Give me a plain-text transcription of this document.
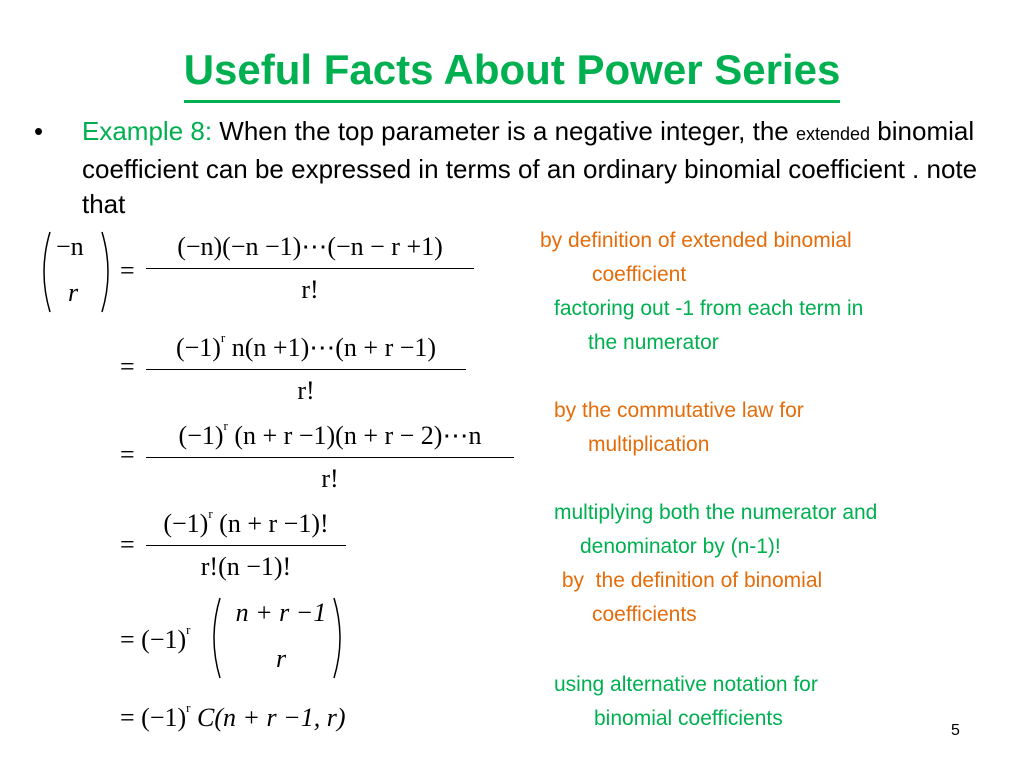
Useful Facts About Power Series
• Example 8: When the top parameter is a negative integer, the extended binomial coefficient can be expressed in terms of an ordinary binomial coefficient . note that
−n
r
=
(−n)(−n −1)⋯(−n − r +1)
r!
=
$(-1)^r$ n(n +1)⋯(n + r −1)
r!
=
$(-1)^r$ (n + r −1)(n + r − 2)⋯n
r!
=
$(-1)^r$ (n + r −1)!
r!(n −1)!
= $(-1)^r$
n + r −1
r
= $(-1)^r$ C(n + r −1, r)
by definition of extended binomial
coefficient
factoring out -1 from each term in
the numerator
by the commutative law for
multiplication
multiplying both the numerator and
denominator by (n-1)!
by  the definition of binomial
coefficients
using alternative notation for
binomial coefficients
5
